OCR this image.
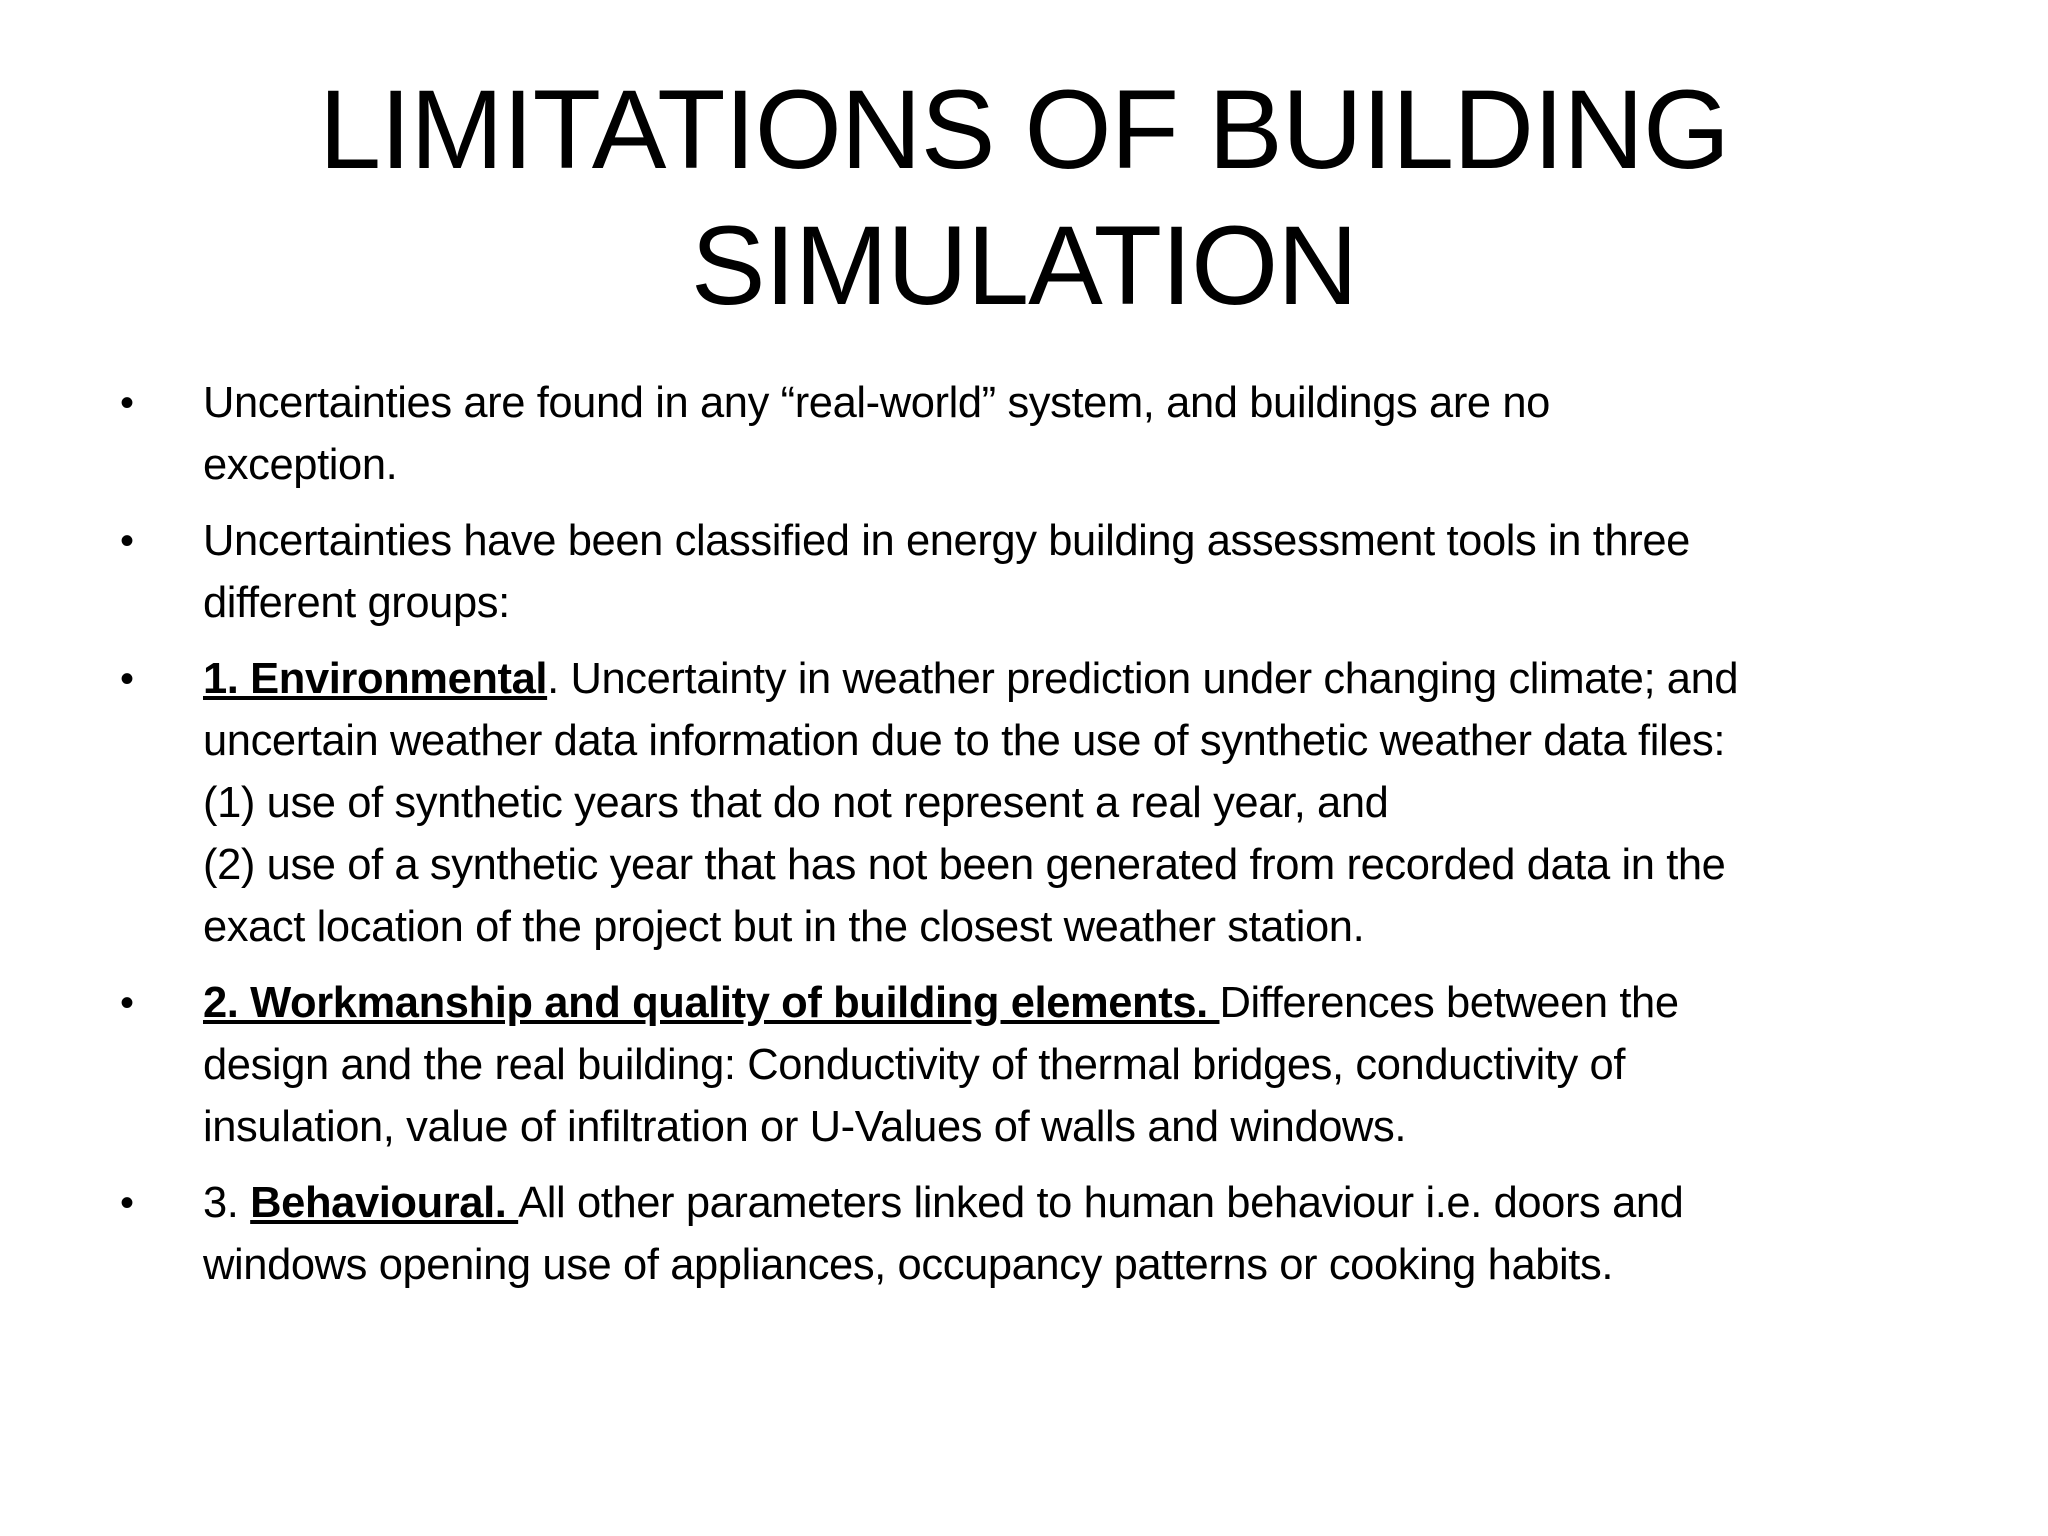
LIMITATIONS OF BUILDING
SIMULATION
•	Uncertainties are found in any “real-world” system, and buildings are no
exception.
•	Uncertainties have been classified in energy building assessment tools in three
different groups:
•	1. Environmental. Uncertainty in weather prediction under changing climate; and
uncertain weather data information due to the use of synthetic weather data files:
(1) use of synthetic years that do not represent a real year, and
(2) use of a synthetic year that has not been generated from recorded data in the
exact location of the project but in the closest weather station.
•	2. Workmanship and quality of building elements. Differences between the
design and the real building: Conductivity of thermal bridges, conductivity of
insulation, value of infiltration or U-Values of walls and windows.
•	3. Behavioural. All other parameters linked to human behaviour i.e. doors and
windows opening use of appliances, occupancy patterns or cooking habits.
